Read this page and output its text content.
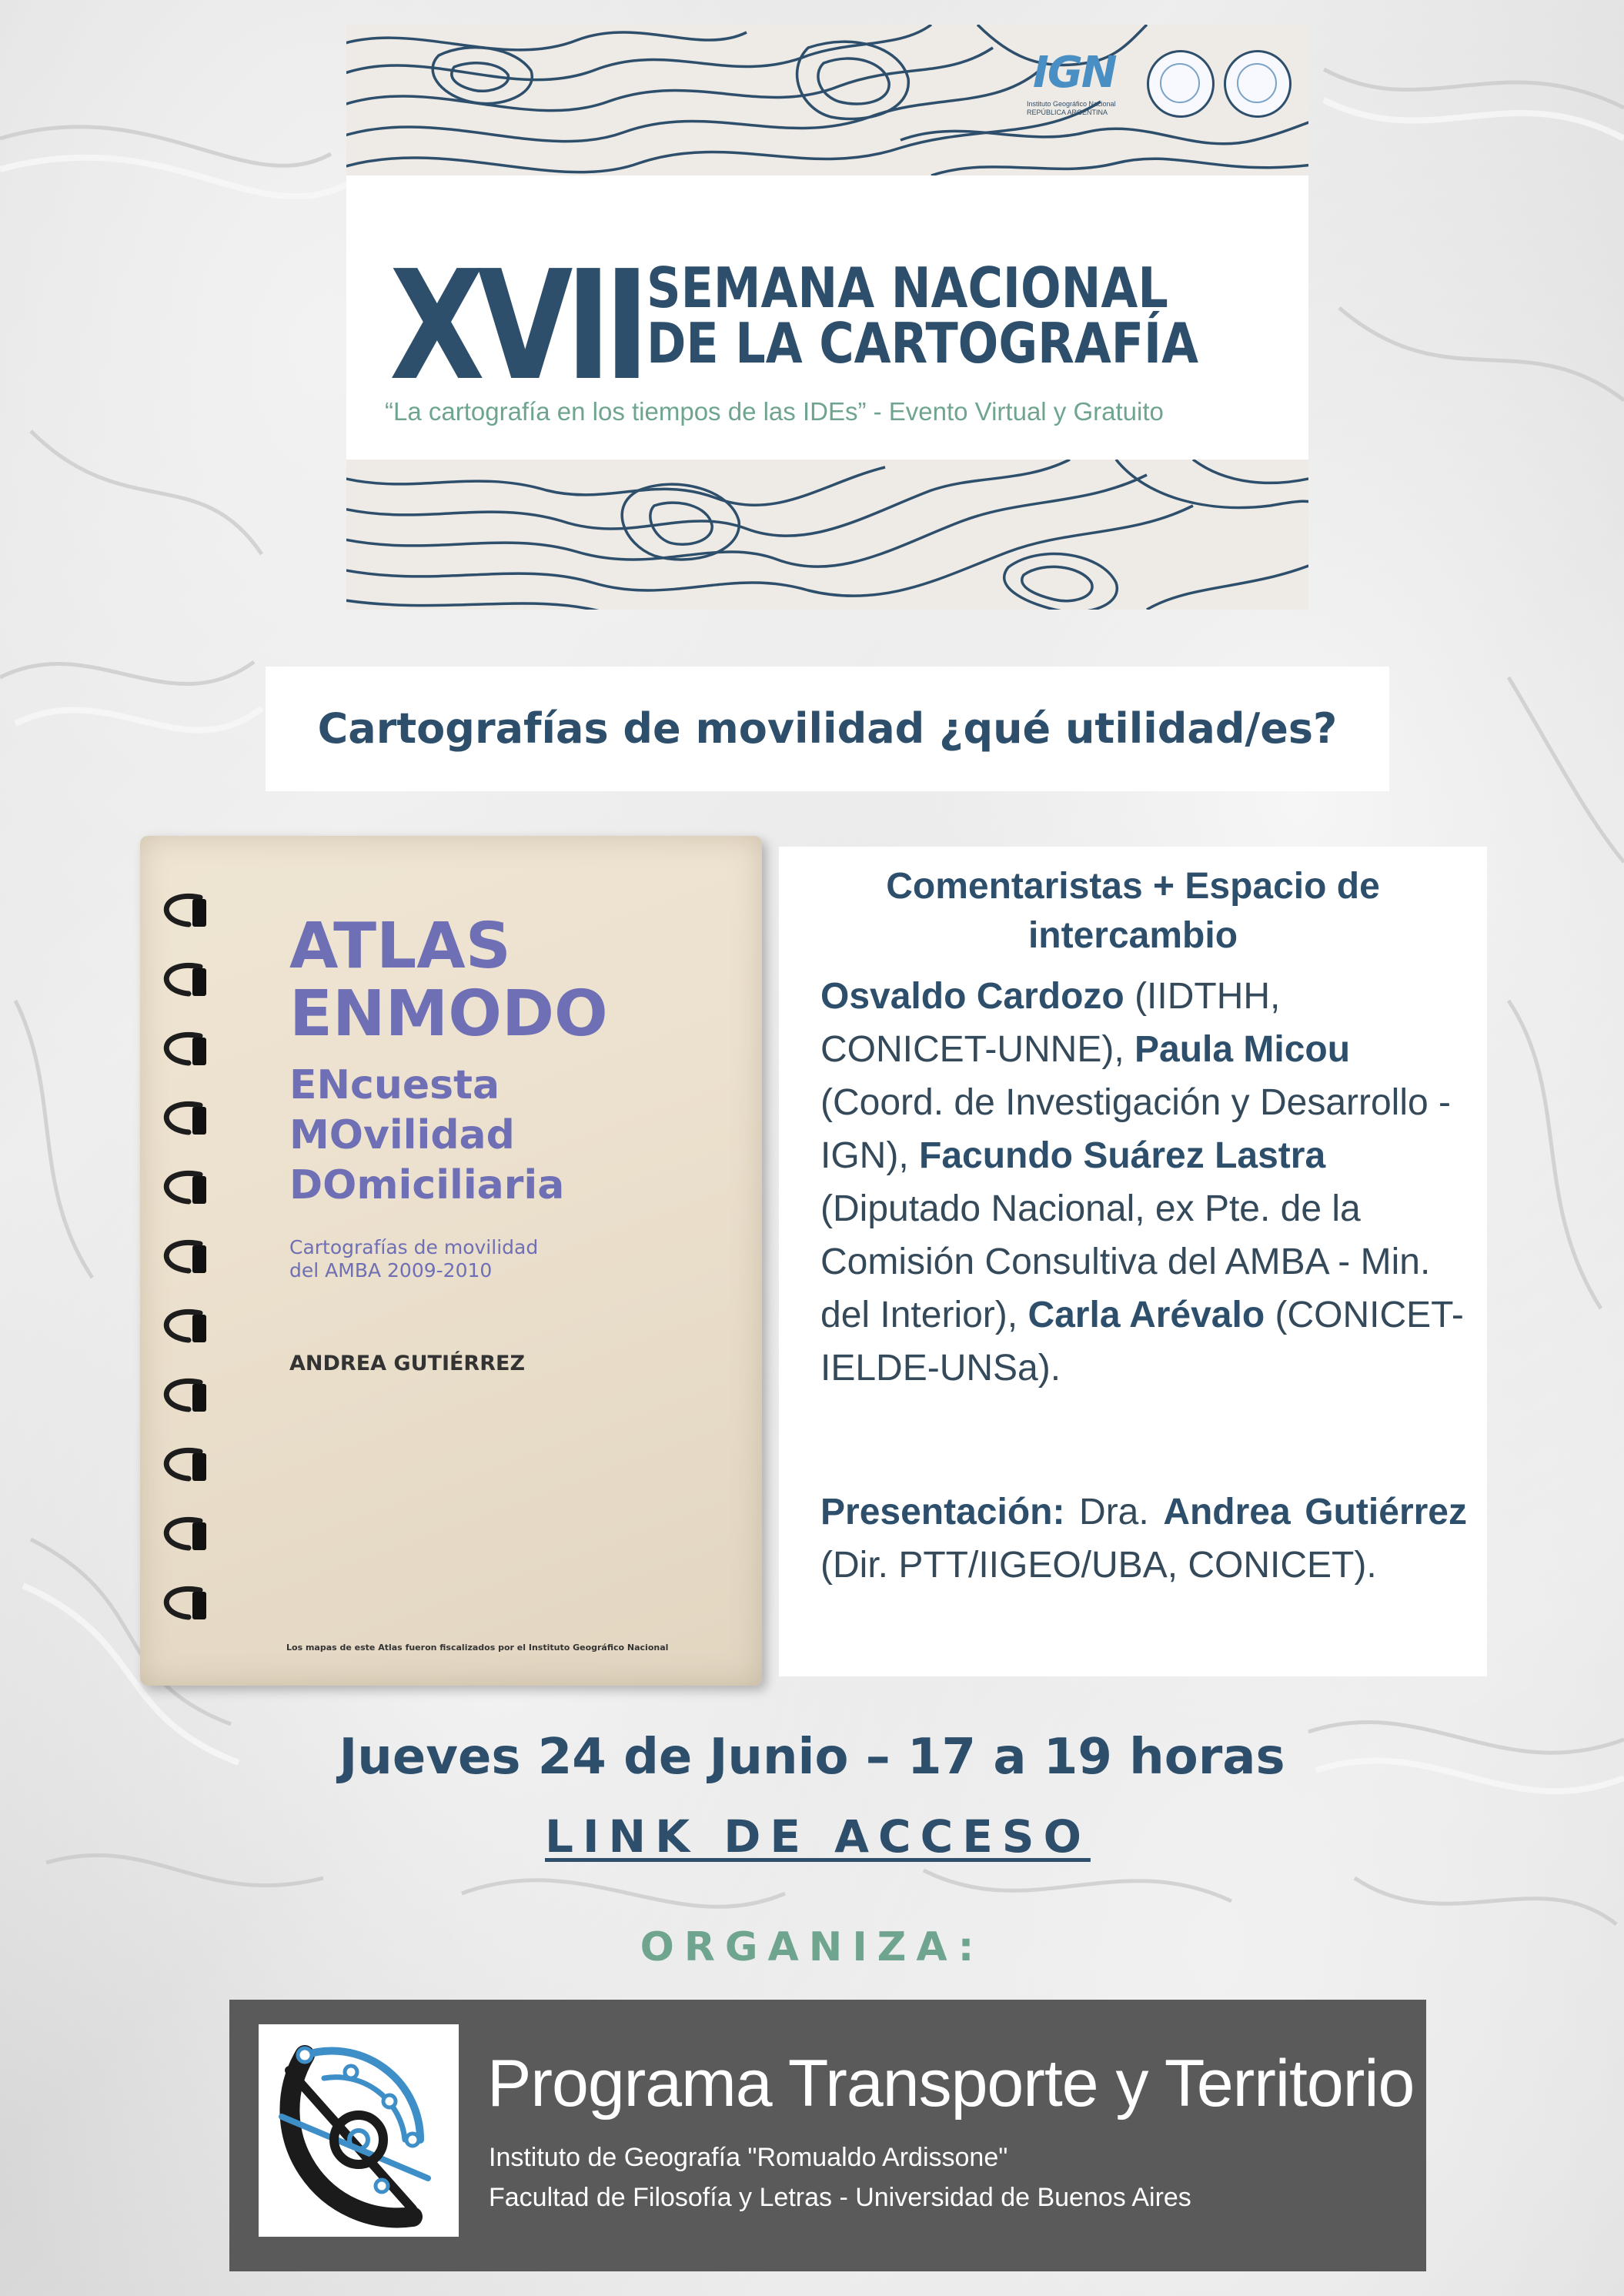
XVII SEMANA NACIONAL
DE LA CARTOGRAFÍA
“La cartografía en los tiempos de las IDEs” - Evento Virtual y Gratuito
IGN
Instituto Geográfico Nacional REPÚBLICA ARGENTINA
Cartografías de movilidad ¿qué utilidad/es?
ATLAS
ENMODO
ENcuesta
MOvilidad
DOmiciliaria
Cartografías de movilidad
del AMBA 2009-2010
ANDREA GUTIÉRREZ
Los mapas de este Atlas fueron fiscalizados por el Instituto Geográfico Nacional
Comentaristas + Espacio de intercambio
Osvaldo Cardozo (IIDTHH, CONICET-UNNE), Paula Micou (Coord. de Investigación y Desarrollo - IGN), Facundo Suárez Lastra (Diputado Nacional, ex Pte. de la Comisión Consultiva del AMBA - Min. del Interior), Carla Arévalo (CONICET-IELDE-UNSa).
Presentación: Dra. Andrea Gutiérrez (Dir. PTT/IIGEO/UBA, CONICET).
Jueves 24 de Junio – 17 a 19 horas
LINK DE ACCESO
ORGANIZA:
Programa Transporte y Territorio
Instituto de Geografía "Romualdo Ardissone"
Facultad de Filosofía y Letras - Universidad de Buenos Aires
